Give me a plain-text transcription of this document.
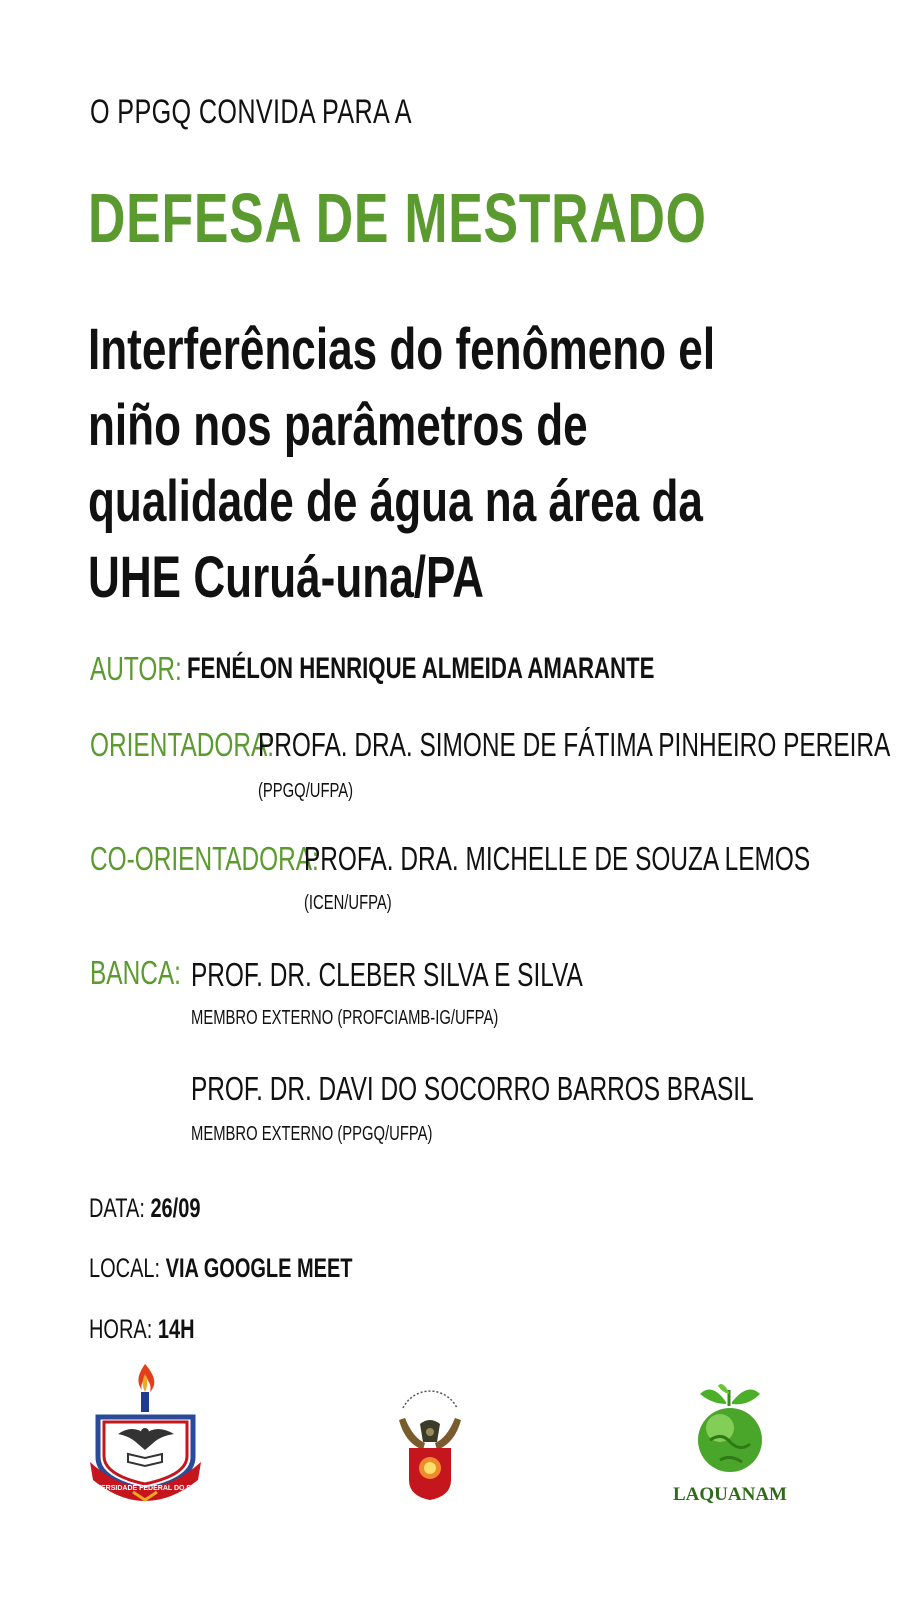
O PPGQ CONVIDA PARA A
DEFESA DE MESTRADO
Interferências do fenômeno el
niño nos parâmetros de
qualidade de água na área da
UHE Curuá-una/PA
AUTOR: FENÉLON HENRIQUE ALMEIDA AMARANTE
ORIENTADORA:
PROFA. DRA. SIMONE DE FÁTIMA PINHEIRO PEREIRA
(PPGQ/UFPA)
CO-ORIENTADORA:
PROFA. DRA. MICHELLE DE SOUZA LEMOS
(ICEN/UFPA)
BANCA: PROF. DR. CLEBER SILVA E SILVA
MEMBRO EXTERNO (PROFCIAMB-IG/UFPA)
PROF. DR. DAVI DO SOCORRO BARROS BRASIL
MEMBRO EXTERNO (PPGQ/UFPA)
DATA: 26/09
LOCAL: VIA GOOGLE MEET
HORA: 14H
UNIVERSIDADE FEDERAL DO PARÁ	LAQUANAM
